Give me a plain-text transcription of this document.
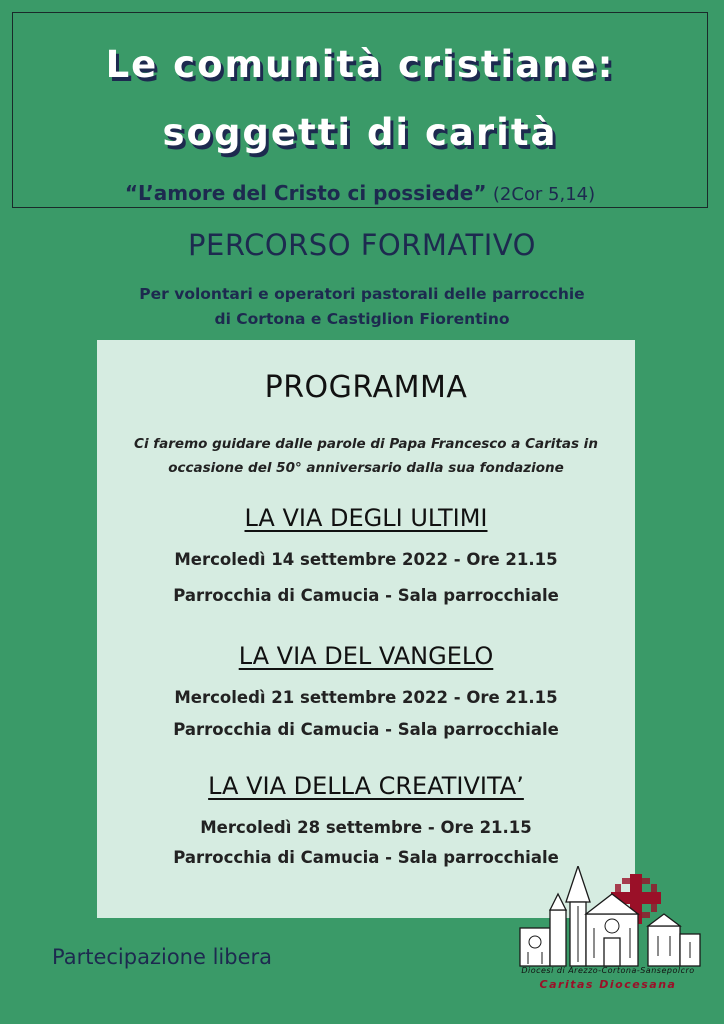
Le comunità cristiane:
soggetti di carità
“L’amore del Cristo ci possiede” (2Cor 5,14)
PERCORSO FORMATIVO
Per volontari e operatori pastorali delle parrocchie
di Cortona e Castiglion Fiorentino
PROGRAMMA
Ci faremo guidare dalle parole di Papa Francesco a Caritas in
occasione del 50° anniversario dalla sua fondazione
LA VIA DEGLI ULTIMI
Mercoledì 14 settembre 2022 - Ore 21.15
Parrocchia di Camucia - Sala parrocchiale
LA VIA DEL VANGELO
Mercoledì 21 settembre 2022 - Ore 21.15
Parrocchia di Camucia - Sala parrocchiale
LA VIA DELLA CREATIVITA’
Mercoledì 28 settembre - Ore 21.15
Parrocchia di Camucia - Sala parrocchiale
Partecipazione libera
Diocesi di Arezzo-Cortona-Sansepolcro
Caritas Diocesana
